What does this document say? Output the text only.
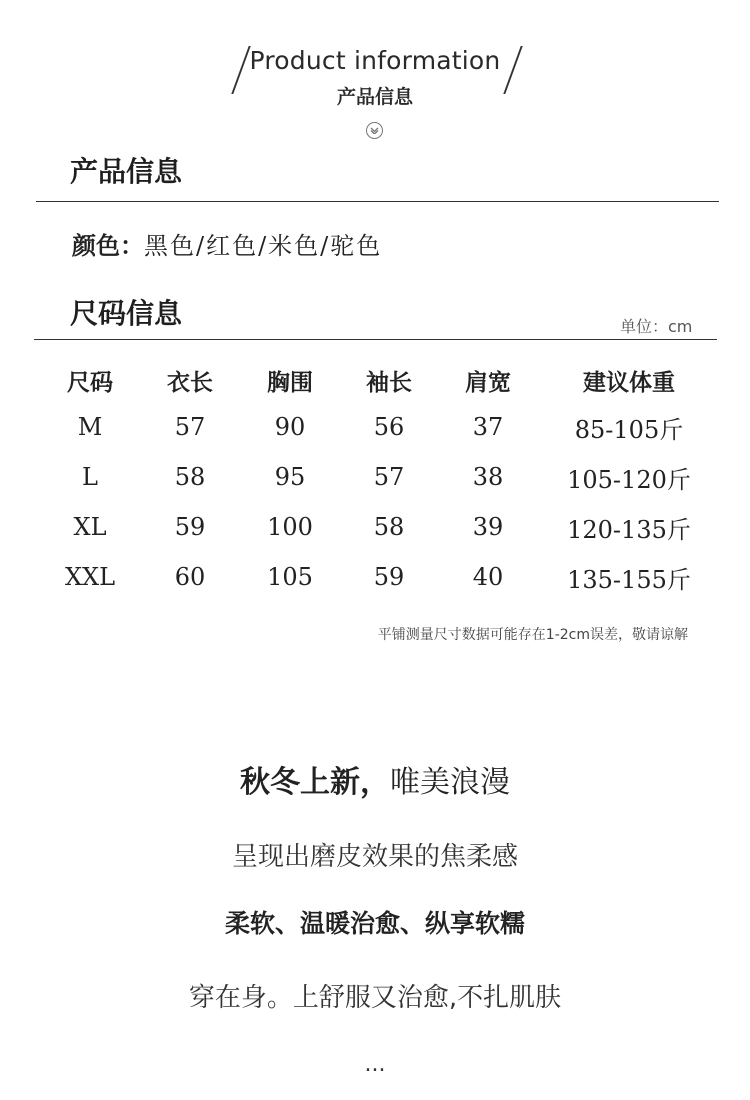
Product information
产品信息
产品信息
颜色：黑色/红色/米色/驼色
尺码信息	单位：cm
尺码	衣长	胸围	袖长	肩宽	建议体重
M	57	90	56	37	85-105斤
L	58	95	57	38	105-120斤
XL	59	100	58	39	120-135斤
XXL	60	105	59	40	135-155斤
平铺测量尺寸数据可能存在1-2cm误差，敬请谅解
秋冬上新，唯美浪漫
呈现出磨皮效果的焦柔感
柔软、温暖治愈、纵享软糯
穿在身。上舒服又治愈,不扎肌肤
...
